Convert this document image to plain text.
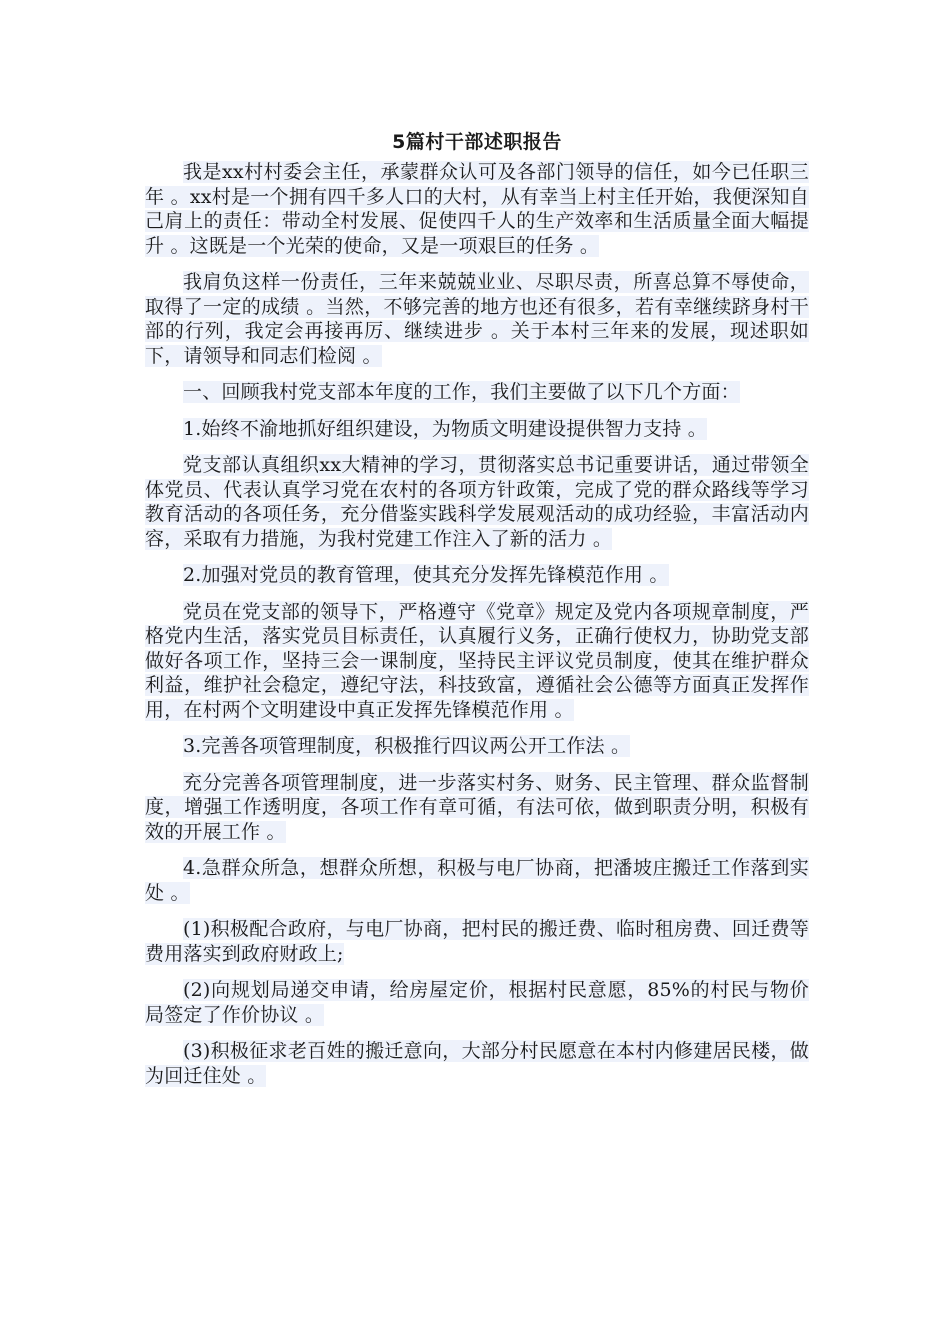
5篇村干部述职报告

我是xx村村委会主任，承蒙群众认可及各部门领导的信任，如今已任职三年 。xx村是一个拥有四千多人口的大村，从有幸当上村主任开始，我便深知自己肩上的责任：带动全村发展、促使四千人的生产效率和生活质量全面大幅提升 。这既是一个光荣的使命，又是一项艰巨的任务 。

我肩负这样一份责任，三年来兢兢业业、尽职尽责，所喜总算不辱使命，取得了一定的成绩 。当然，不够完善的地方也还有很多，若有幸继续跻身村干部的行列，我定会再接再厉、继续进步 。关于本村三年来的发展，现述职如下，请领导和同志们检阅 。

一、回顾我村党支部本年度的工作，我们主要做了以下几个方面：

1.始终不渝地抓好组织建设，为物质文明建设提供智力支持 。

党支部认真组织xx大精神的学习，贯彻落实总书记重要讲话，通过带领全体党员、代表认真学习党在农村的各项方针政策，完成了党的群众路线等学习教育活动的各项任务，充分借鉴实践科学发展观活动的成功经验，丰富活动内容，采取有力措施，为我村党建工作注入了新的活力 。

2.加强对党员的教育管理，使其充分发挥先锋模范作用 。

党员在党支部的领导下，严格遵守《党章》规定及党内各项规章制度，严格党内生活，落实党员目标责任，认真履行义务，正确行使权力，协助党支部做好各项工作，坚持三会一课制度，坚持民主评议党员制度，使其在维护群众利益，维护社会稳定，遵纪守法，科技致富，遵循社会公德等方面真正发挥作用，在村两个文明建设中真正发挥先锋模范作用 。

3.完善各项管理制度，积极推行四议两公开工作法 。

充分完善各项管理制度，进一步落实村务、财务、民主管理、群众监督制度，增强工作透明度，各项工作有章可循，有法可依，做到职责分明，积极有效的开展工作 。

4.急群众所急，想群众所想，积极与电厂协商，把潘坡庄搬迁工作落到实处 。

(1)积极配合政府，与电厂协商，把村民的搬迁费、临时租房费、回迁费等费用落实到政府财政上;

(2)向规划局递交申请，给房屋定价，根据村民意愿，85%的村民与物价局签定了作价协议 。

(3)积极征求老百姓的搬迁意向，大部分村民愿意在本村内修建居民楼，做为回迁住处 。
